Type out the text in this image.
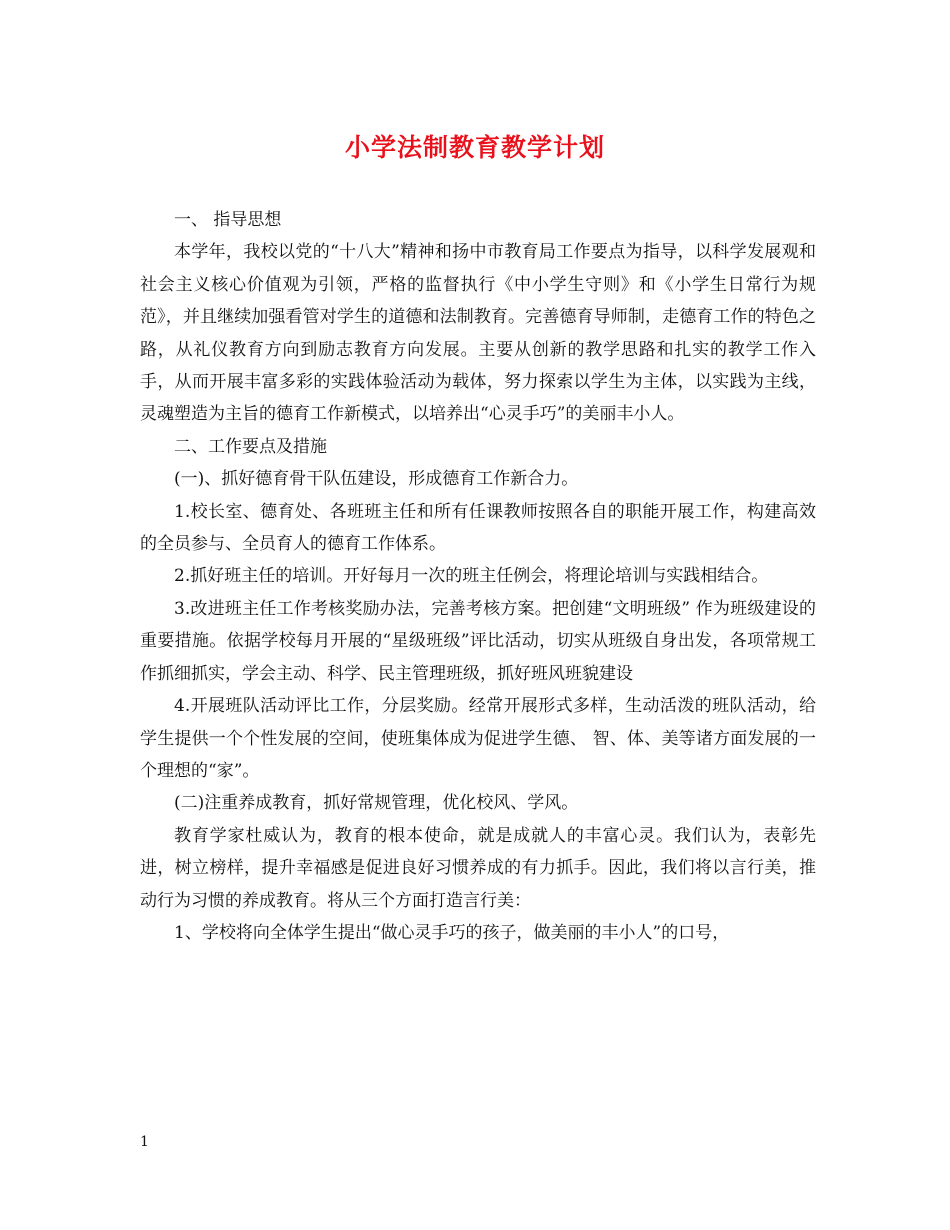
小学法制教育教学计划

一、 指导思想

本学年，我校以党的“十八大”精神和扬中市教育局工作要点为指导，以科学发展观和社会主义核心价值观为引领，严格的监督执行《中小学生守则》和《小学生日常行为规范》，并且继续加强看管对学生的道德和法制教育。完善德育导师制，走德育工作的特色之路，从礼仪教育方向到励志教育方向发展。主要从创新的教学思路和扎实的教学工作入手，从而开展丰富多彩的实践体验活动为载体，努力探索以学生为主体，以实践为主线，灵魂塑造为主旨的德育工作新模式，以培养出“心灵手巧”的美丽丰小人。

二、工作要点及措施

(一)、抓好德育骨干队伍建设，形成德育工作新合力。

1.校长室、德育处、各班班主任和所有任课教师按照各自的职能开展工作，构建高效的全员参与、全员育人的德育工作体系。

2.抓好班主任的培训。开好每月一次的班主任例会，将理论培训与实践相结合。

3.改进班主任工作考核奖励办法，完善考核方案。把创建“文明班级” 作为班级建设的重要措施。依据学校每月开展的“星级班级”评比活动，切实从班级自身出发，各项常规工作抓细抓实，学会主动、科学、民主管理班级，抓好班风班貌建设

4.开展班队活动评比工作，分层奖励。经常开展形式多样，生动活泼的班队活动，给学生提供一个个性发展的空间，使班集体成为促进学生德、 智、体、美等诸方面发展的一个理想的“家”。

(二)注重养成教育，抓好常规管理，优化校风、学风。

教育学家杜威认为，教育的根本使命，就是成就人的丰富心灵。我们认为，表彰先进，树立榜样，提升幸福感是促进良好习惯养成的有力抓手。因此，我们将以言行美，推动行为习惯的养成教育。将从三个方面打造言行美：

1、学校将向全体学生提出“做心灵手巧的孩子，做美丽的丰小人”的口号，

1
